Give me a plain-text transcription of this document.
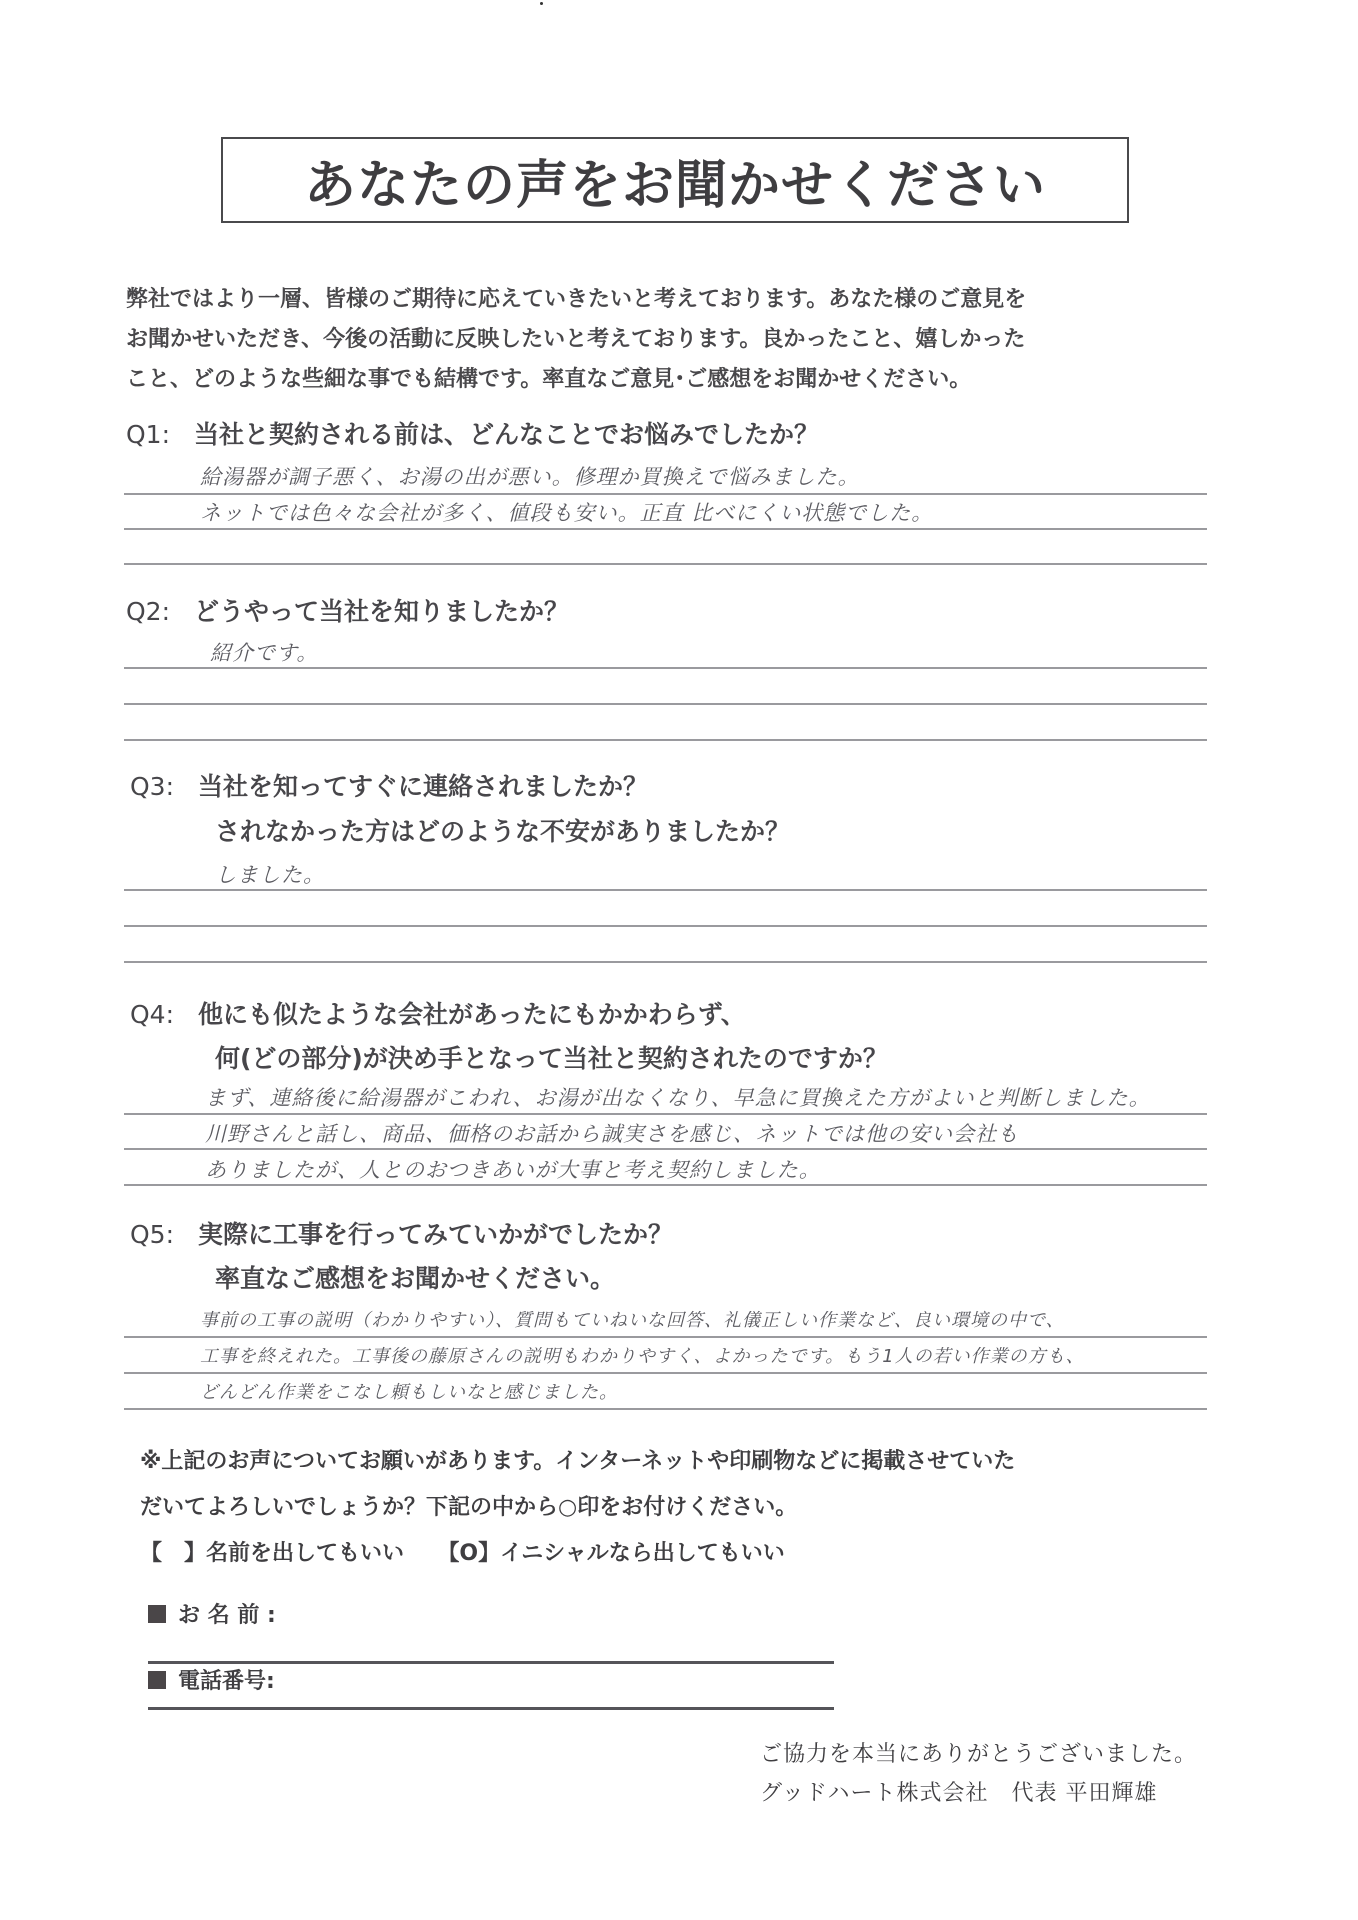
あなたの声をお聞かせください
弊社ではより一層、皆様のご期待に応えていきたいと考えております。あなた様のご意見を
お聞かせいただき、今後の活動に反映したいと考えております。良かったこと、嬉しかった
こと、どのような些細な事でも結構です。率直なご意見･ご感想をお聞かせください。
Q1: 当社と契約される前は、どんなことでお悩みでしたか？
給湯器が調子悪く、お湯の出が悪い。修理か買換えで悩みました。
ネットでは色々な会社が多く、値段も安い。正直 比べにくい状態でした。
Q2: どうやって当社を知りましたか？
紹介です。
Q3: 当社を知ってすぐに連絡されましたか？
されなかった方はどのような不安がありましたか？
しました。
Q4: 他にも似たような会社があったにもかかわらず、
何(どの部分)が決め手となって当社と契約されたのですか？
まず、連絡後に給湯器がこわれ、お湯が出なくなり、早急に買換えた方がよいと判断しました。
川野さんと話し、商品、価格のお話から誠実さを感じ、ネットでは他の安い会社も
ありましたが、人とのおつきあいが大事と考え契約しました。
Q5: 実際に工事を行ってみていかがでしたか？
率直なご感想をお聞かせください。
事前の工事の説明（わかりやすい）、質問もていねいな回答、礼儀正しい作業など、良い環境の中で、
工事を終えれた。工事後の藤原さんの説明もわかりやすく、よかったです。もう1人の若い作業の方も、
どんどん作業をこなし頼もしいなと感じました。
※上記のお声についてお願いがあります。インターネットや印刷物などに掲載させていた
だいてよろしいでしょうか？下記の中から○印をお付けください。
【　】名前を出してもいい 【O】イニシャルなら出してもいい
お 名 前 :
電話番号:
ご協力を本当にありがとうございました。
グッドハート株式会社　代表 平田輝雄
